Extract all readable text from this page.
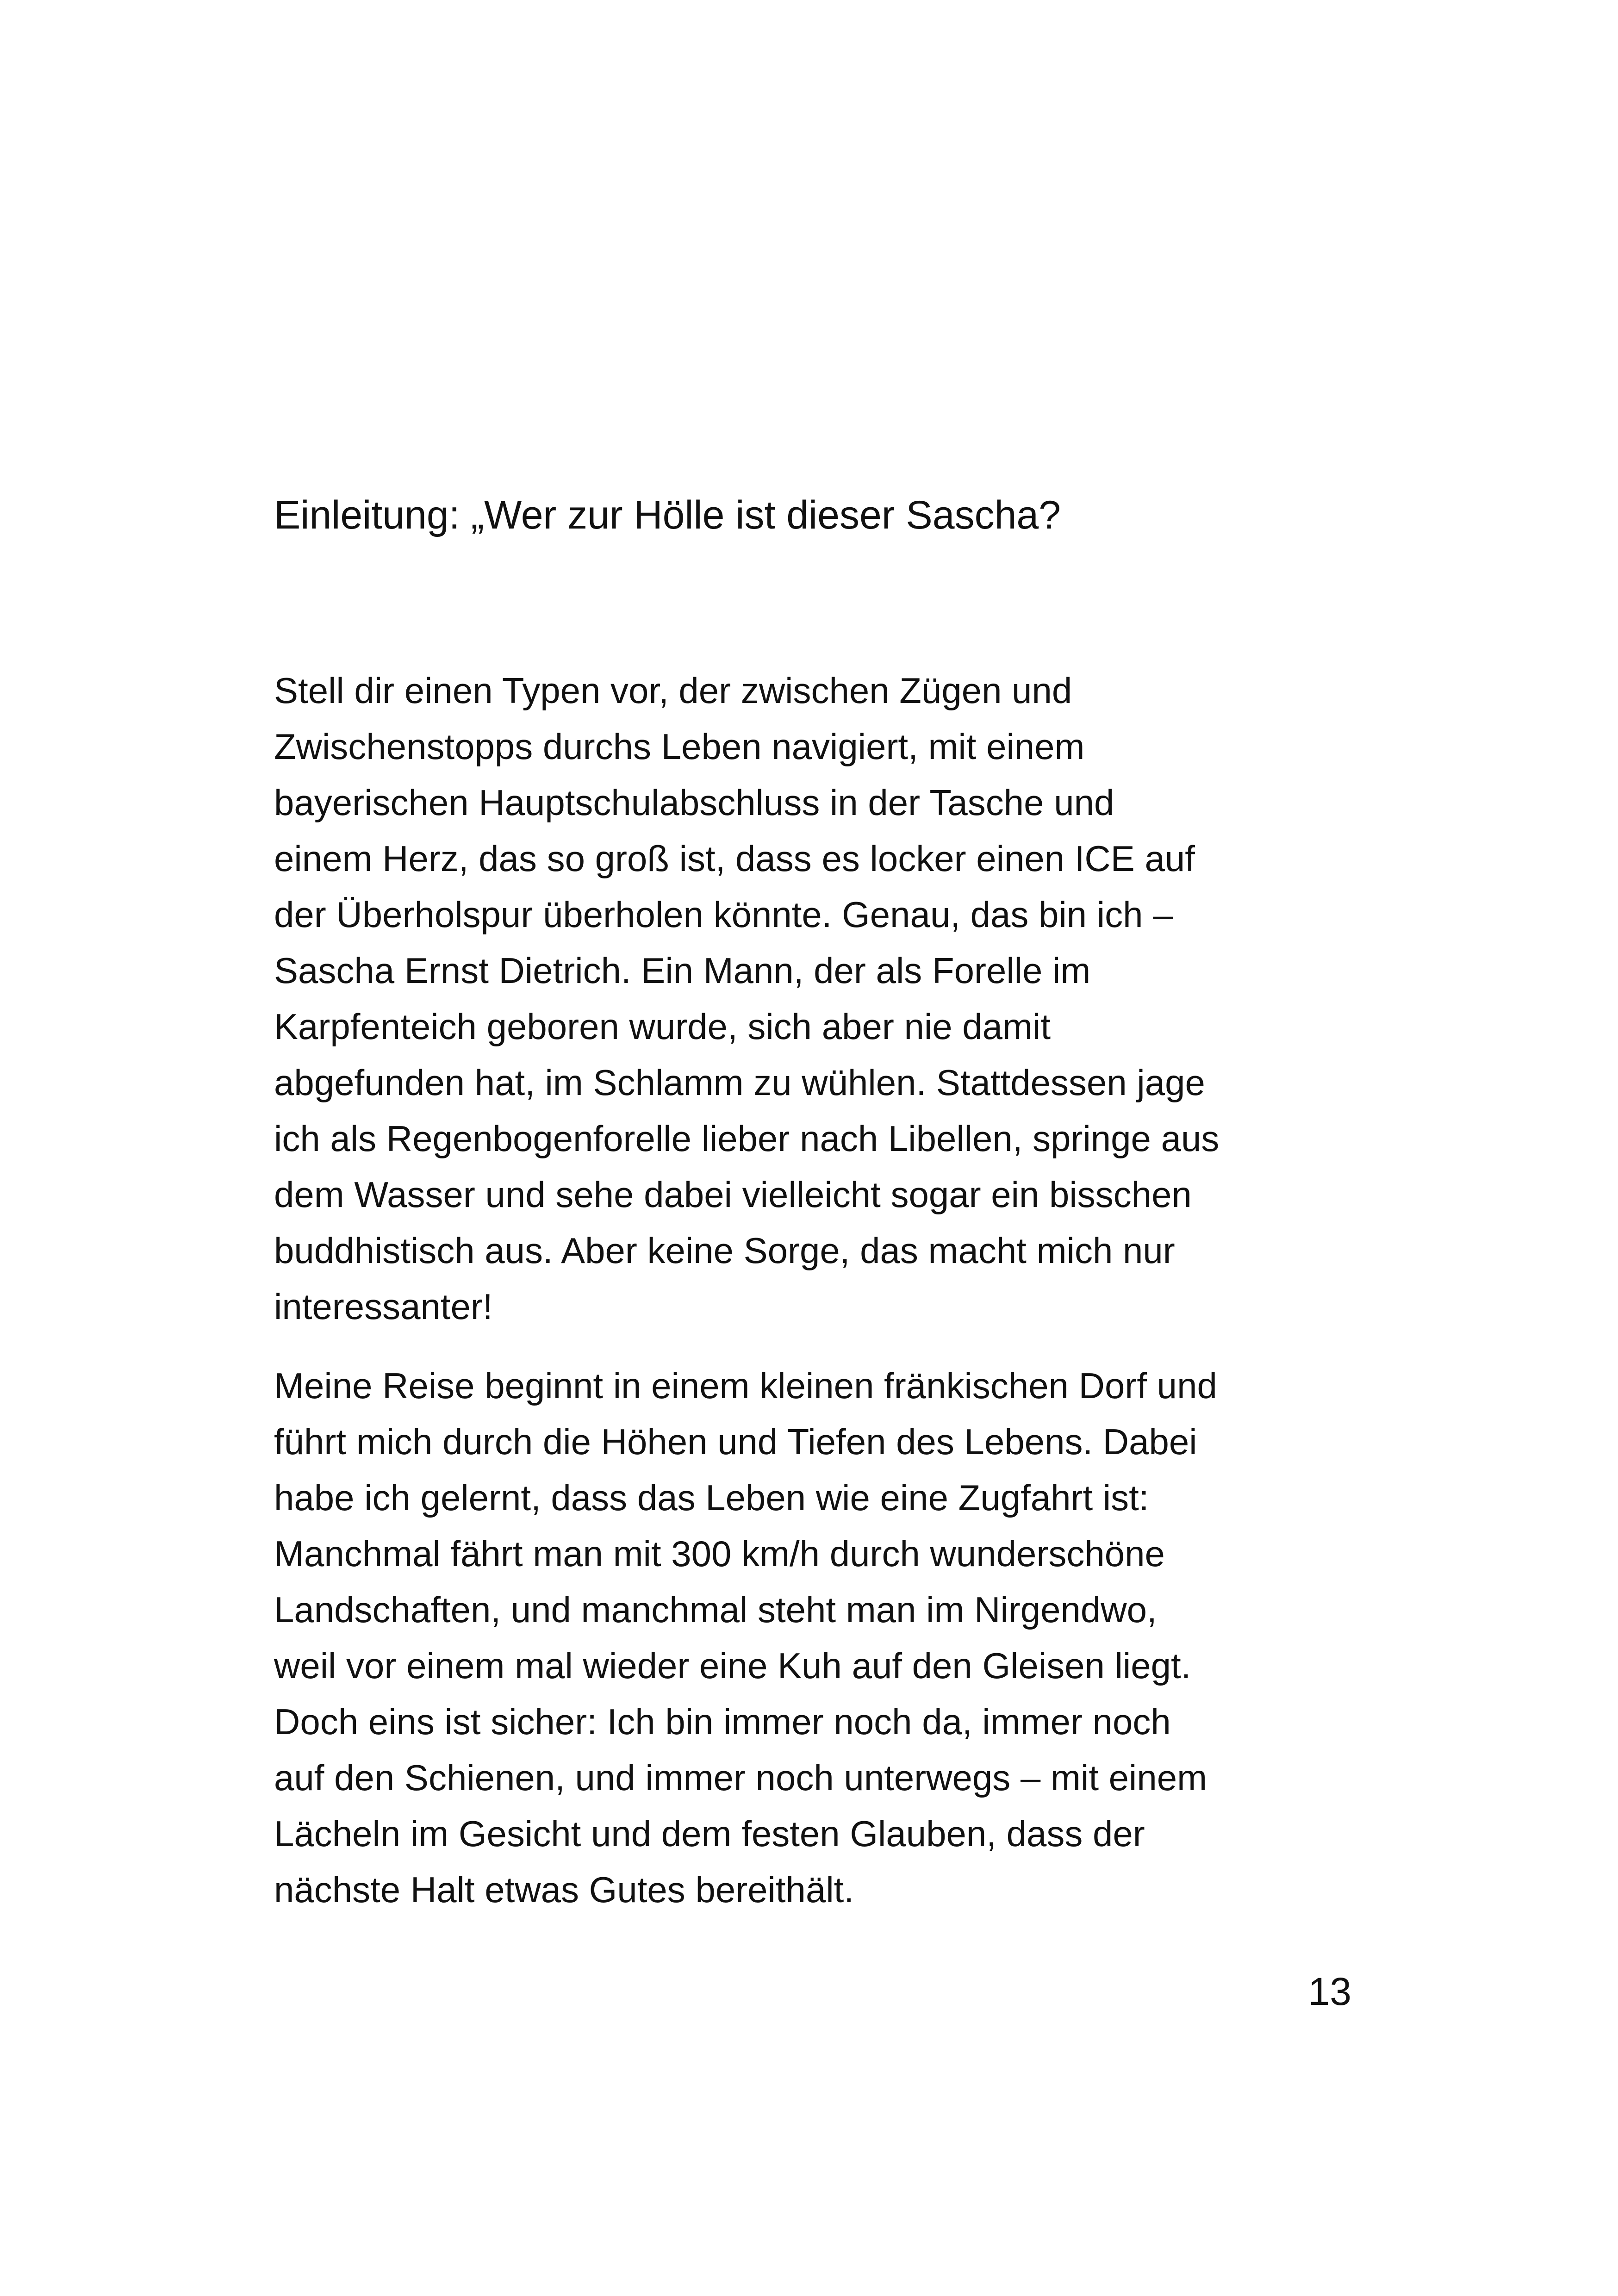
Einleitung: „Wer zur Hölle ist dieser Sascha?
Stell dir einen Typen vor, der zwischen Zügen und
Zwischenstopps durchs Leben navigiert, mit einem
bayerischen Hauptschulabschluss in der Tasche und
einem Herz, das so groß ist, dass es locker einen ICE auf
der Überholspur überholen könnte. Genau, das bin ich –
Sascha Ernst Dietrich. Ein Mann, der als Forelle im
Karpfenteich geboren wurde, sich aber nie damit
abgefunden hat, im Schlamm zu wühlen. Stattdessen jage
ich als Regenbogenforelle lieber nach Libellen, springe aus
dem Wasser und sehe dabei vielleicht sogar ein bisschen
buddhistisch aus. Aber keine Sorge, das macht mich nur
interessanter!
Meine Reise beginnt in einem kleinen fränkischen Dorf und
führt mich durch die Höhen und Tiefen des Lebens. Dabei
habe ich gelernt, dass das Leben wie eine Zugfahrt ist:
Manchmal fährt man mit 300 km/h durch wunderschöne
Landschaften, und manchmal steht man im Nirgendwo,
weil vor einem mal wieder eine Kuh auf den Gleisen liegt.
Doch eins ist sicher: Ich bin immer noch da, immer noch
auf den Schienen, und immer noch unterwegs – mit einem
Lächeln im Gesicht und dem festen Glauben, dass der
nächste Halt etwas Gutes bereithält.
13
